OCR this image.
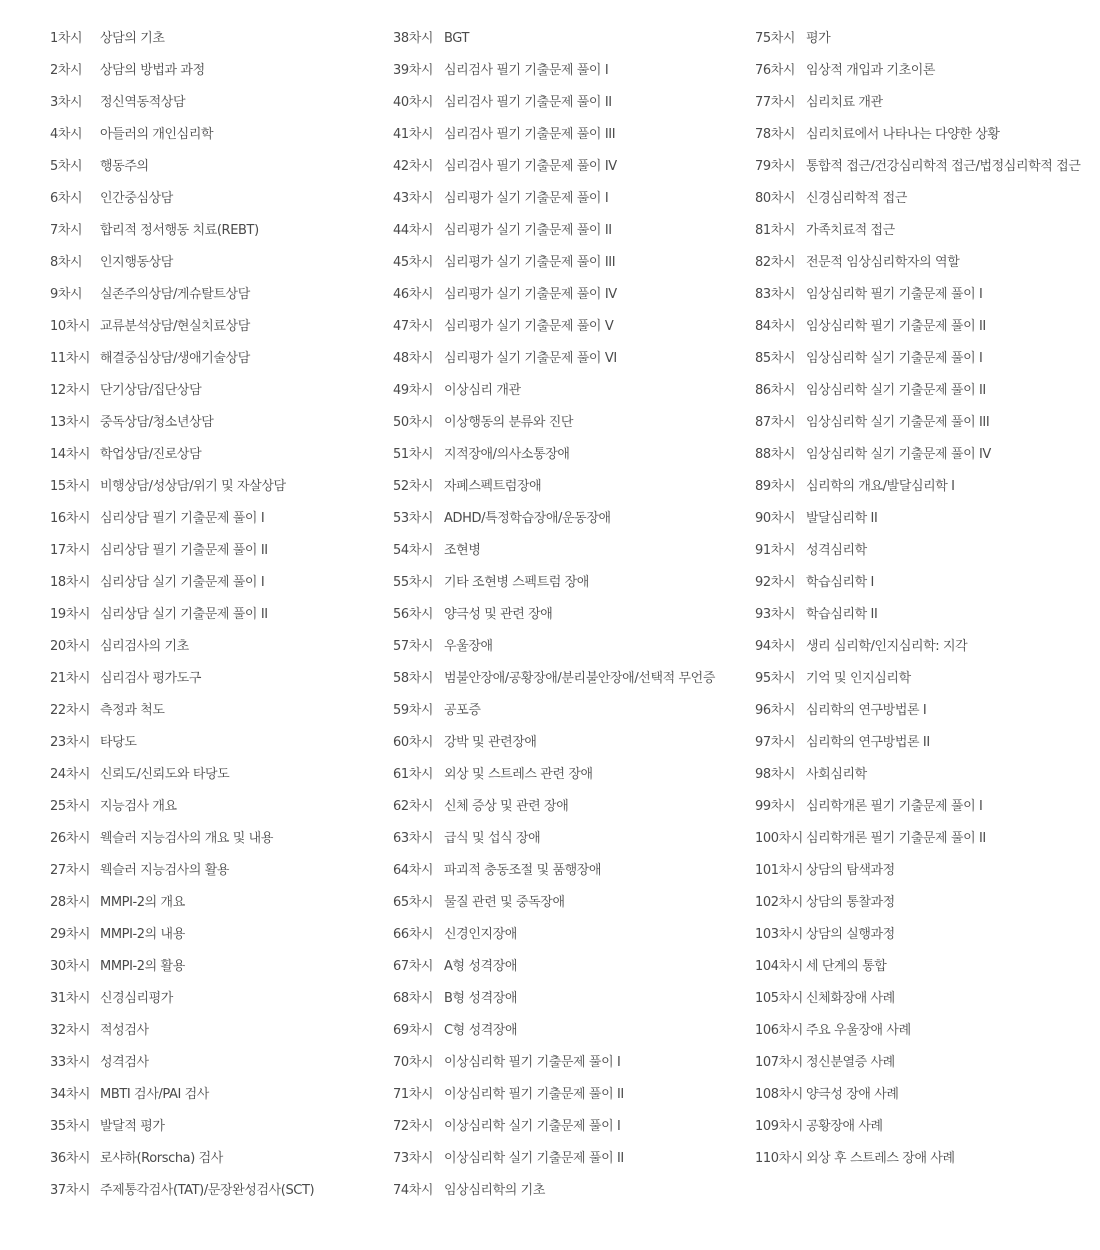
1차시 상담의 기초
2차시 상담의 방법과 과정
3차시 정신역동적상담
4차시 아들러의 개인심리학
5차시 행동주의
6차시 인간중심상담
7차시 합리적 정서행동 치료(REBT)
8차시 인지행동상담
9차시 실존주의상담/게슈탈트상담
10차시 교류분석상담/현실치료상담
11차시 해결중심상담/생애기술상담
12차시 단기상담/집단상담
13차시 중독상담/청소년상담
14차시 학업상담/진로상담
15차시 비행상담/성상담/위기 및 자살상담
16차시 심리상담 필기 기출문제 풀이 I
17차시 심리상담 필기 기출문제 풀이 II
18차시 심리상담 실기 기출문제 풀이 I
19차시 심리상담 실기 기출문제 풀이 II
20차시 심리검사의 기초
21차시 심리검사 평가도구
22차시 측정과 척도
23차시 타당도
24차시 신뢰도/신뢰도와 타당도
25차시 지능검사 개요
26차시 웩슬러 지능검사의 개요 및 내용
27차시 웩슬러 지능검사의 활용
28차시 MMPI-2의 개요
29차시 MMPI-2의 내용
30차시 MMPI-2의 활용
31차시 신경심리평가
32차시 적성검사
33차시 성격검사
34차시 MBTI 검사/PAI 검사
35차시 발달적 평가
36차시 로샤하(Rorscha) 검사
37차시 주제통각검사(TAT)/문장완성검사(SCT)
38차시 BGT
39차시 심리검사 필기 기출문제 풀이 I
40차시 심리검사 필기 기출문제 풀이 II
41차시 심리검사 필기 기출문제 풀이 III
42차시 심리검사 필기 기출문제 풀이 IV
43차시 심리평가 실기 기출문제 풀이 I
44차시 심리평가 실기 기출문제 풀이 II
45차시 심리평가 실기 기출문제 풀이 III
46차시 심리평가 실기 기출문제 풀이 IV
47차시 심리평가 실기 기출문제 풀이 V
48차시 심리평가 실기 기출문제 풀이 VI
49차시 이상심리 개관
50차시 이상행동의 분류와 진단
51차시 지적장애/의사소통장애
52차시 자폐스펙트럼장애
53차시 ADHD/특정학습장애/운동장애
54차시 조현병
55차시 기타 조현병 스펙트럼 장애
56차시 양극성 및 관련 장애
57차시 우울장애
58차시 범불안장애/공황장애/분리불안장애/선택적 무언증
59차시 공포증
60차시 강박 및 관련장애
61차시 외상 및 스트레스 관련 장애
62차시 신체 증상 및 관련 장애
63차시 급식 및 섭식 장애
64차시 파괴적 충동조절 및 품행장애
65차시 물질 관련 및 중독장애
66차시 신경인지장애
67차시 A형 성격장애
68차시 B형 성격장애
69차시 C형 성격장애
70차시 이상심리학 필기 기출문제 풀이 I
71차시 이상심리학 필기 기출문제 풀이 II
72차시 이상심리학 실기 기출문제 풀이 I
73차시 이상심리학 실기 기출문제 풀이 II
74차시 임상심리학의 기초
75차시 평가
76차시 임상적 개입과 기초이론
77차시 심리치료 개관
78차시 심리치료에서 나타나는 다양한 상황
79차시 통합적 접근/건강심리학적 접근/법정심리학적 접근
80차시 신경심리학적 접근
81차시 가족치료적 접근
82차시 전문적 임상심리학자의 역할
83차시 임상심리학 필기 기출문제 풀이 I
84차시 임상심리학 필기 기출문제 풀이 II
85차시 임상심리학 실기 기출문제 풀이 I
86차시 임상심리학 실기 기출문제 풀이 II
87차시 임상심리학 실기 기출문제 풀이 III
88차시 임상심리학 실기 기출문제 풀이 IV
89차시 심리학의 개요/발달심리학 I
90차시 발달심리학 II
91차시 성격심리학
92차시 학습심리학 I
93차시 학습심리학 II
94차시 생리 심리학/인지심리학: 지각
95차시 기억 및 인지심리학
96차시 심리학의 연구방법론 I
97차시 심리학의 연구방법론 II
98차시 사회심리학
99차시 심리학개론 필기 기출문제 풀이 I
100차시 심리학개론 필기 기출문제 풀이 II
101차시 상담의 탐색과정
102차시 상담의 통찰과정
103차시 상담의 실행과정
104차시 세 단계의 통합
105차시 신체화장애 사례
106차시 주요 우울장애 사례
107차시 정신분열증 사례
108차시 양극성 장애 사례
109차시 공황장애 사례
110차시 외상 후 스트레스 장애 사례
